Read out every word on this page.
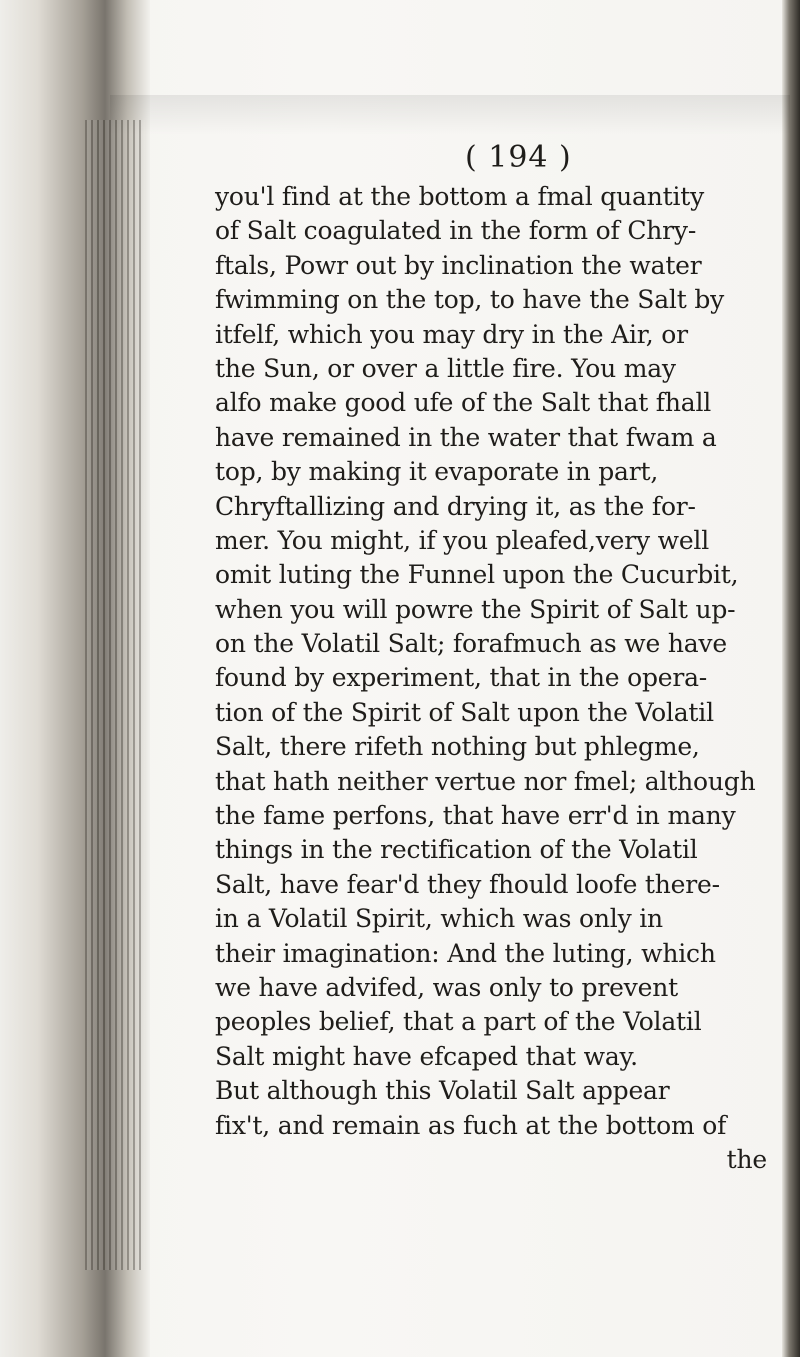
( 194 )
you'l find at the bottom a fmal quantity
of Salt coagulated in the form of Chry-
ftals, Powr out by inclination the water
fwimming on the top, to have the Salt by
itfelf, which you may dry in the Air, or
the Sun, or over a little fire. You may
alfo make good ufe of the Salt that fhall
have remained in the water that fwam a
top, by making it evaporate in part,
Chryftallizing and drying it, as the for-
mer. You might, if you pleafed,very well
omit luting the Funnel upon the Cucurbit,
when you will powre the Spirit of Salt up-
on the Volatil Salt; forafmuch as we have
found by experiment, that in the opera-
tion of the Spirit of Salt upon the Volatil
Salt, there rifeth nothing but phlegme,
that hath neither vertue nor fmel; although
the fame perfons, that have err'd in many
things in the rectification of the Volatil
Salt, have fear'd they fhould loofe there-
in a Volatil Spirit, which was only in
their imagination: And the luting, which
we have advifed, was only to prevent
peoples belief, that a part of the Volatil
Salt might have efcaped that way.
But although this Volatil Salt appear
fix't, and remain as fuch at the bottom of
the
